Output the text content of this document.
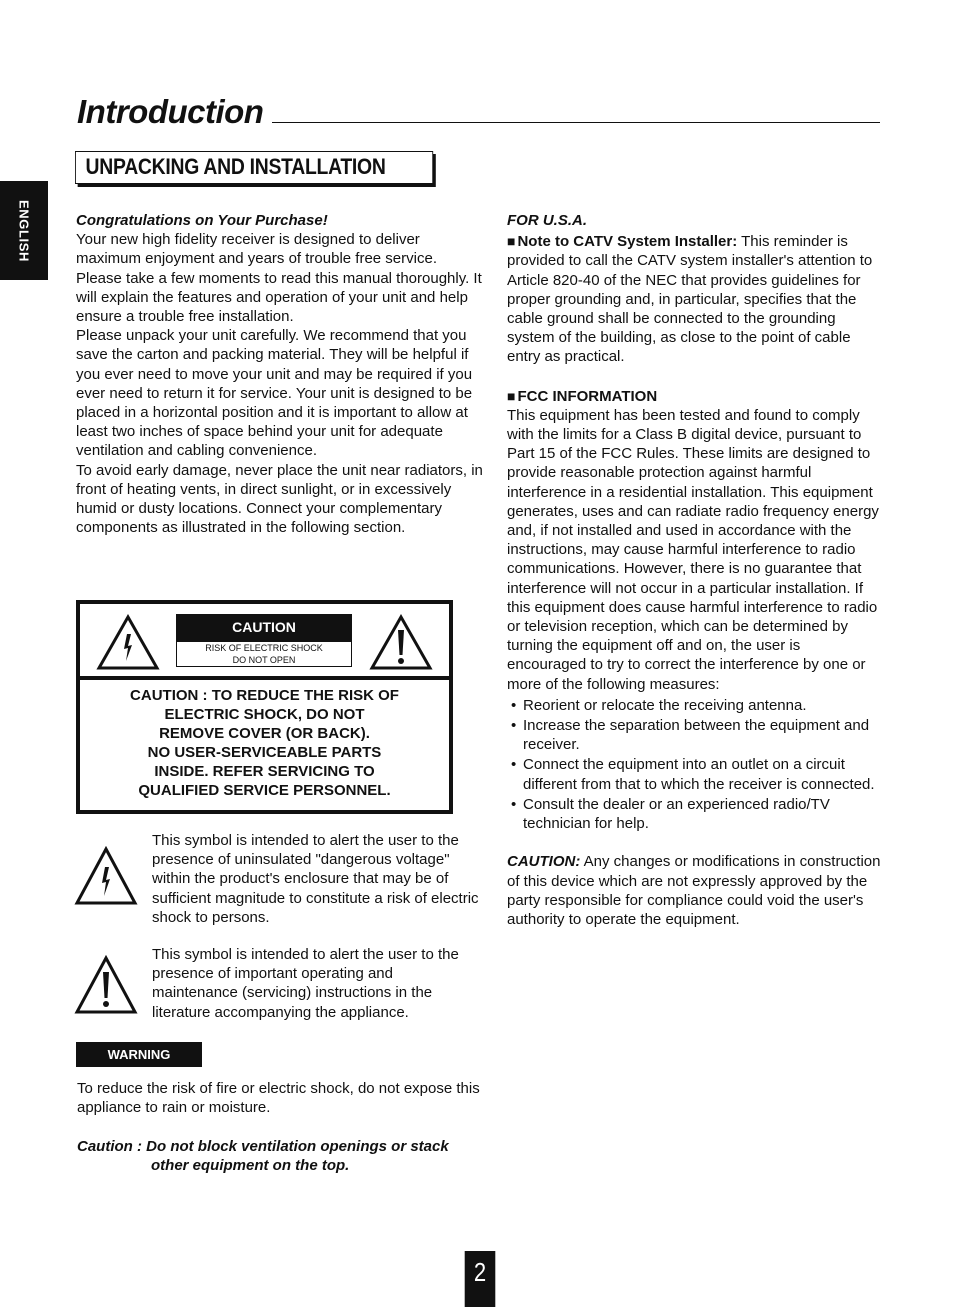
Introduction
UNPACKING AND INSTALLATION
ENGLISH	Congratulations on Your Purchase!

Your new high fidelity receiver is designed to deliver maximum enjoyment and years of trouble free service. Please take a few moments to read this manual thoroughly. It will explain the features and operation of your unit and help ensure a trouble free installation.

Please unpack your unit carefully. We recommend that you save the carton and packing material. They will be helpful if you ever need to move your unit and may be required if you ever need to return it for service. Your unit is designed to be placed in a horizontal position and it is important to allow at least two inches of space behind your unit for adequate ventilation and cabling convenience.

To avoid early damage, never place the unit near radiators, in front of heating vents, in direct sunlight, or in excessively humid or dusty locations. Connect your complementary components as illustrated in the following section.

CAUTION
RISK OF ELECTRIC SHOCK
DO NOT OPEN
CAUTION : TO REDUCE THE RISK OF
ELECTRIC SHOCK, DO NOT
REMOVE COVER (OR BACK).
NO USER-SERVICEABLE PARTS
INSIDE. REFER SERVICING TO
QUALIFIED SERVICE PERSONNEL.

This symbol is intended to alert the user to the presence of uninsulated "dangerous voltage" within the product's enclosure that may be of sufficient magnitude to constitute a risk of electric shock to persons.

This symbol is intended to alert the user to the presence of important operating and maintenance (servicing) instructions in the literature accompanying the appliance.

WARNING

To reduce the risk of fire or electric shock, do not expose this appliance to rain or moisture.

Caution : Do not block ventilation openings or stack
other equipment on the top.

FOR U.S.A.

■ Note to CATV System Installer: This reminder is provided to call the CATV system installer's attention to Article 820-40 of the NEC that provides guidelines for proper grounding and, in particular, specifies that the cable ground shall be connected to the grounding system of the building, as close to the point of cable entry as practical.

■ FCC INFORMATION

This equipment has been tested and found to comply with the limits for a Class B digital device, pursuant to Part 15 of the FCC Rules. These limits are designed to provide reasonable protection against harmful interference in a residential installation. This equipment generates, uses and can radiate radio frequency energy and, if not installed and used in accordance with the instructions, may cause harmful interference to radio communications. However, there is no guarantee that interference will not occur in a particular installation. If this equipment does cause harmful interference to radio or television reception, which can be determined by turning the equipment off and on, the user is encouraged to try to correct the interference by one or more of the following measures:

• Reorient or relocate the receiving antenna.
• Increase the separation between the equipment and receiver.
• Connect the equipment into an outlet on a circuit different from that to which the receiver is connected.
• Consult the dealer or an experienced radio/TV technician for help.

CAUTION: Any changes or modifications in construction of this device which are not expressly approved by the party responsible for compliance could void the user's authority to operate the equipment.

2
